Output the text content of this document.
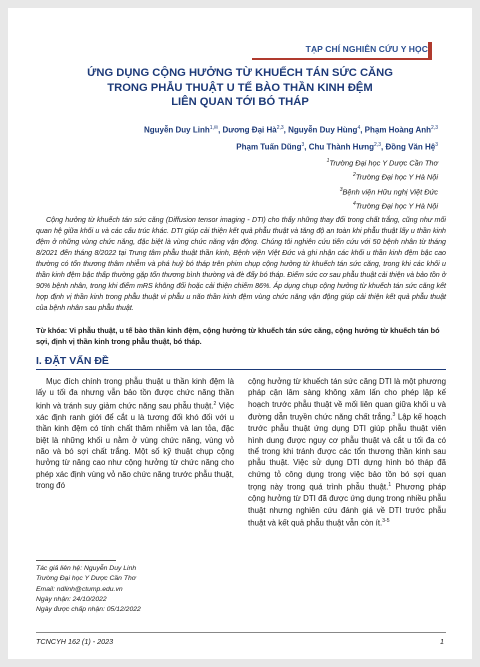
TẠP CHÍ NGHIÊN CỨU Y HỌC
ỨNG DỤNG CỘNG HƯỞNG TỪ KHUẾCH TÁN SỨC CĂNG
TRONG PHẪU THUẬT U TẾ BÀO THẦN KINH ĐỆM
LIÊN QUAN TỚI BÓ THÁP
Nguyễn Duy Linh$^{1,✉}$, Dương Đại Hà$^{2,3}$, Nguyễn Duy Hùng$^4$, Phạm Hoàng Anh$^{2,3}$
Phạm Tuấn Dũng$^3$, Chu Thành Hưng$^{2,3}$, Đồng Văn Hệ$^3$
$^1$Trường Đại học Y Dược Cần Thơ
$^2$Trường Đại học Y Hà Nội
$^3$Bệnh viện Hữu nghị Việt Đức
$^4$Trường Đại học Y Hà Nội

Cộng hưởng từ khuếch tán sức căng (Diffusion tensor imaging - DTI) cho thấy những thay đổi trong chất trắng, cũng như mối quan hệ giữa khối u và các cấu trúc khác. DTI giúp cải thiện kết quả phẫu thuật và tăng độ an toàn khi phẫu thuật lấy u thần kinh đệm ở những vùng chức năng, đặc biệt là vùng chức năng vận động. Chúng tôi nghiên cứu tiến cứu với 50 bệnh nhân từ tháng 8/2021 đến tháng 8/2022 tại Trung tâm phẫu thuật thần kinh, Bệnh viện Việt Đức và ghi nhận các khối u thần kinh đệm bậc cao thường có tổn thương thâm nhiễm và phá huỷ bó tháp trên phim chụp cộng hưởng từ khuếch tán sức căng, trong khi các khối u thần kinh đệm bậc thấp thường gặp tổn thương bình thường và đè đẩy bó tháp. Điểm sức cơ sau phẫu thuật cải thiện và bảo tồn ở 90% bệnh nhân, trong khi điểm mRS không đổi hoặc cải thiện chiếm 86%. Áp dụng chụp cộng hưởng từ khuếch tán sức căng kết hợp định vị thần kinh trong phẫu thuật vi phẫu u não thần kinh đệm vùng chức năng vận động giúp cải thiện kết quả phẫu thuật của bệnh nhân sau phẫu thuật.

Từ khóa: Vi phẫu thuật, u tế bào thần kinh đệm, cộng hưởng từ khuếch tán sức căng, cộng hưởng từ khuếch tán bó sợi, định vị thần kinh trong phẫu thuật, bó tháp.

I. ĐẶT VẤN ĐỀ

Mục đích chính trong phẫu thuật u thần kinh đệm là lấy u tối đa nhưng vẫn bảo tồn được chức năng thần kinh và tránh suy giảm chức năng sau phẫu thuật.$^2$ Việc xác định ranh giới để cắt u là tương đối khó đối với u thần kinh đệm có tính chất thâm nhiễm và lan tỏa, đặc biệt là những khối u nằm ở vùng chức năng, vùng vỏ não và bó sợi chất trắng. Một số kỹ thuật chụp cộng hưởng từ nâng cao như cộng hưởng từ chức năng cho phép xác định vùng vỏ não chức năng trước phẫu thuật, trong đó

cộng hưởng từ khuếch tán sức căng DTI là một phương pháp cận lâm sàng không xâm lấn cho phép lập kế hoạch trước phẫu thuật về mối liên quan giữa khối u và đường dẫn truyền chức năng chất trắng.$^3$ Lập kế hoạch trước phẫu thuật ứng dụng DTI giúp phẫu thuật viên hình dung được nguy cơ phẫu thuật và cắt u tối đa có thể trong khi tránh được các tổn thương thần kinh sau phẫu thuật. Việc sử dụng DTI dựng hình bó tháp đã chứng tỏ công dụng trong việc bảo tồn bó sợi quan trọng này trong quá trình phẫu thuật.$^1$ Phương pháp cộng hưởng từ DTI đã được ứng dụng trong nhiều phẫu thuật nhưng nghiên cứu đánh giá về DTI trước phẫu thuật và kết quả phẫu thuật vẫn còn ít.$^{3-5}$

Tác giả liên hệ: Nguyễn Duy Linh
Trường Đại học Y Dược Cần Thơ
Email: ndlinh@ctump.edu.vn
Ngày nhận: 24/10/2022
Ngày được chấp nhận: 05/12/2022
TCNCYH 162 (1) - 2023	1
